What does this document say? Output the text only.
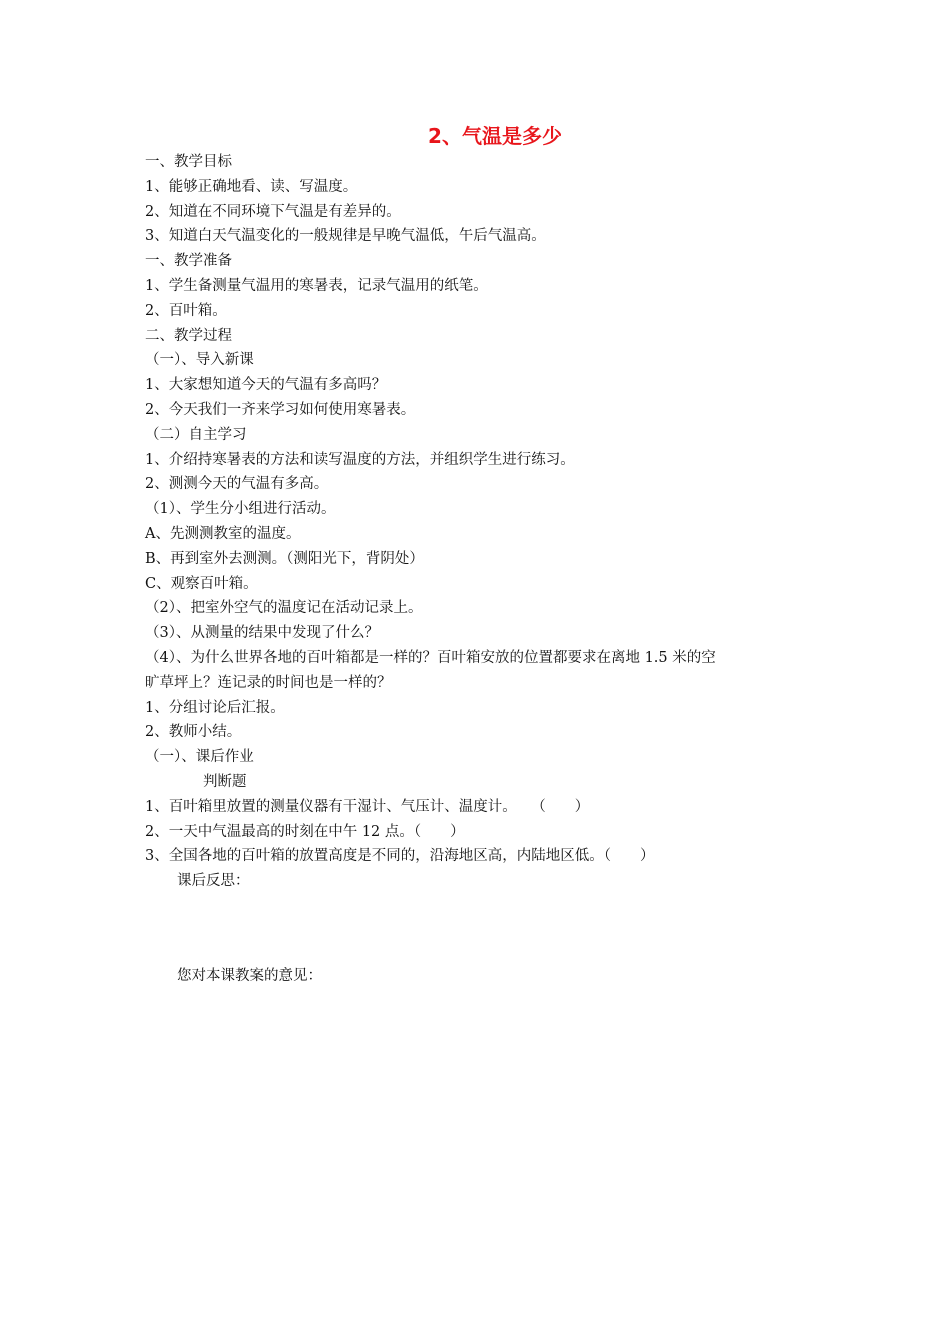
2、气温是多少
一、教学目标
1、能够正确地看、读、写温度。
2、知道在不同环境下气温是有差异的。
3、知道白天气温变化的一般规律是早晚气温低，午后气温高。
一、教学准备
1、学生备测量气温用的寒暑表，记录气温用的纸笔。
2、百叶箱。
二、教学过程
（一）、导入新课
1、大家想知道今天的气温有多高吗？
2、今天我们一齐来学习如何使用寒暑表。
（二）自主学习
1、介绍持寒暑表的方法和读写温度的方法，并组织学生进行练习。
2、测测今天的气温有多高。
（1）、学生分小组进行活动。
A、先测测教室的温度。
B、再到室外去测测。（测阳光下，背阴处）
C、观察百叶箱。
（2）、把室外空气的温度记在活动记录上。
（3）、从测量的结果中发现了什么？
（4）、为什么世界各地的百叶箱都是一样的？百叶箱安放的位置都要求在离地 1.5 米的空
旷草坪上？连记录的时间也是一样的？
1、分组讨论后汇报。
2、教师小结。
（一）、课后作业
判断题
1、百叶箱里放置的测量仪器有干湿计、气压计、温度计。　　（　　）
2、一天中气温最高的时刻在中午 12 点。（　　）
3、全国各地的百叶箱的放置高度是不同的，沿海地区高，内陆地区低。（　　）
课后反思：
您对本课教案的意见：
